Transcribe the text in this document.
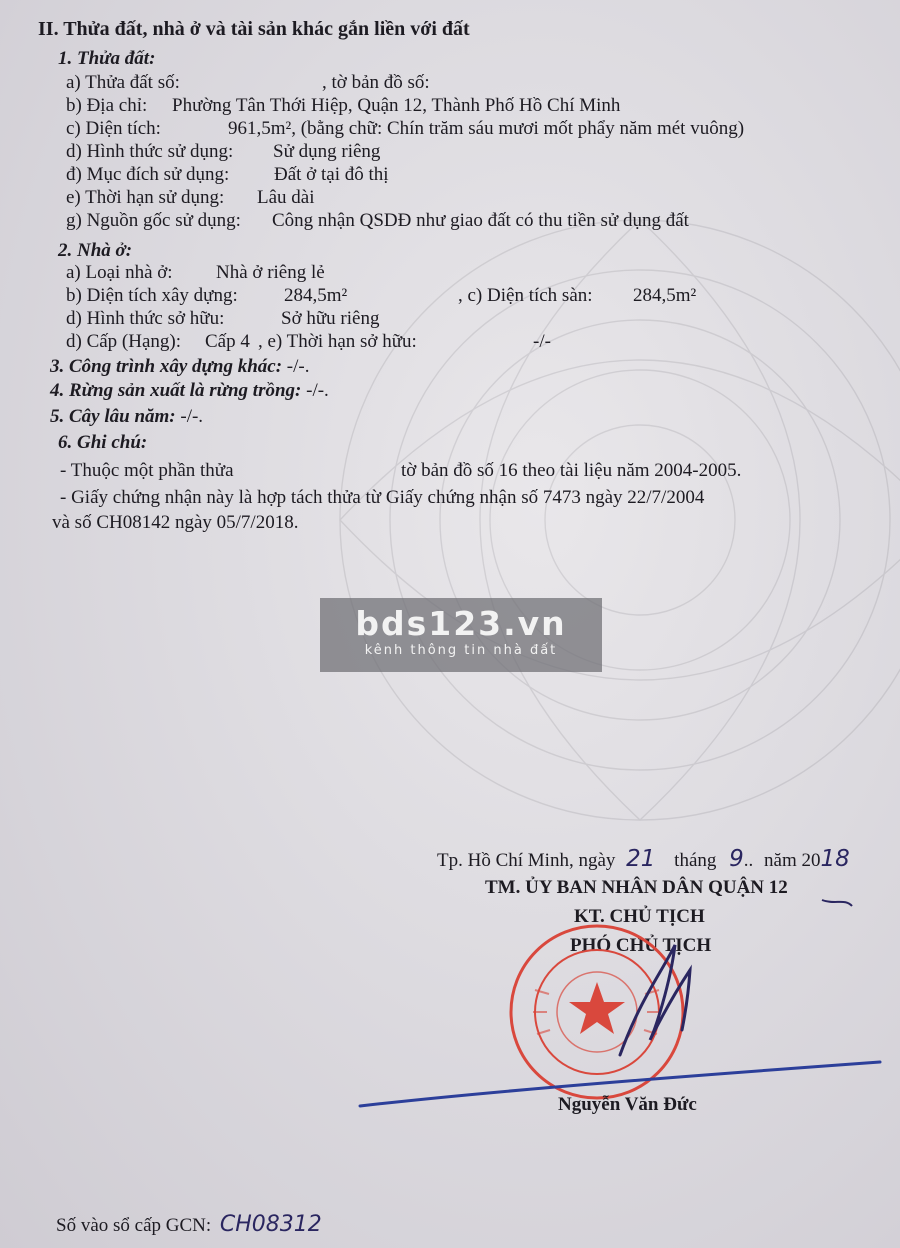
II. Thửa đất, nhà ở và tài sản khác gắn liền với đất
1. Thửa đất:
a) Thửa đất số:	, tờ bản đồ số:
b) Địa chỉ: Phường Tân Thới Hiệp, Quận 12, Thành Phố Hồ Chí Minh
c) Diện tích:	961,5m², (bằng chữ: Chín trăm sáu mươi mốt phẩy năm mét vuông)
d) Hình thức sử dụng: Sử dụng riêng
đ) Mục đích sử dụng: Đất ở tại đô thị
e) Thời hạn sử dụng: Lâu dài
g) Nguồn gốc sử dụng: Công nhận QSDĐ như giao đất có thu tiền sử dụng đất
2. Nhà ở:
a) Loại nhà ở: Nhà ở riêng lẻ
b) Diện tích xây dựng: 284,5m²	, c) Diện tích sàn: 284,5m²
d) Hình thức sở hữu:	Sở hữu riêng
d) Cấp (Hạng): Cấp 4 , e) Thời hạn sở hữu:	-/-
3. Công trình xây dựng khác: -/-.
4. Rừng sản xuất là rừng trồng: -/-.
5. Cây lâu năm: -/-.
6. Ghi chú:
- Thuộc một phần thửa	tờ bản đồ số 16 theo tài liệu năm 2004-2005.
- Giấy chứng nhận này là hợp tách thửa từ Giấy chứng nhận số 7473 ngày 22/7/2004
và số CH08142 ngày 05/7/2018.
bds123.vn
kênh thông tin nhà đất
Tp. Hồ Chí Minh, ngày 21 tháng 9.. năm 2018
TM. ỦY BAN NHÂN DÂN QUẬN 12
KT. CHỦ TỊCH
PHÓ CHỦ TỊCH
Nguyễn Văn Đức
Số vào sổ cấp GCN: CH08312
